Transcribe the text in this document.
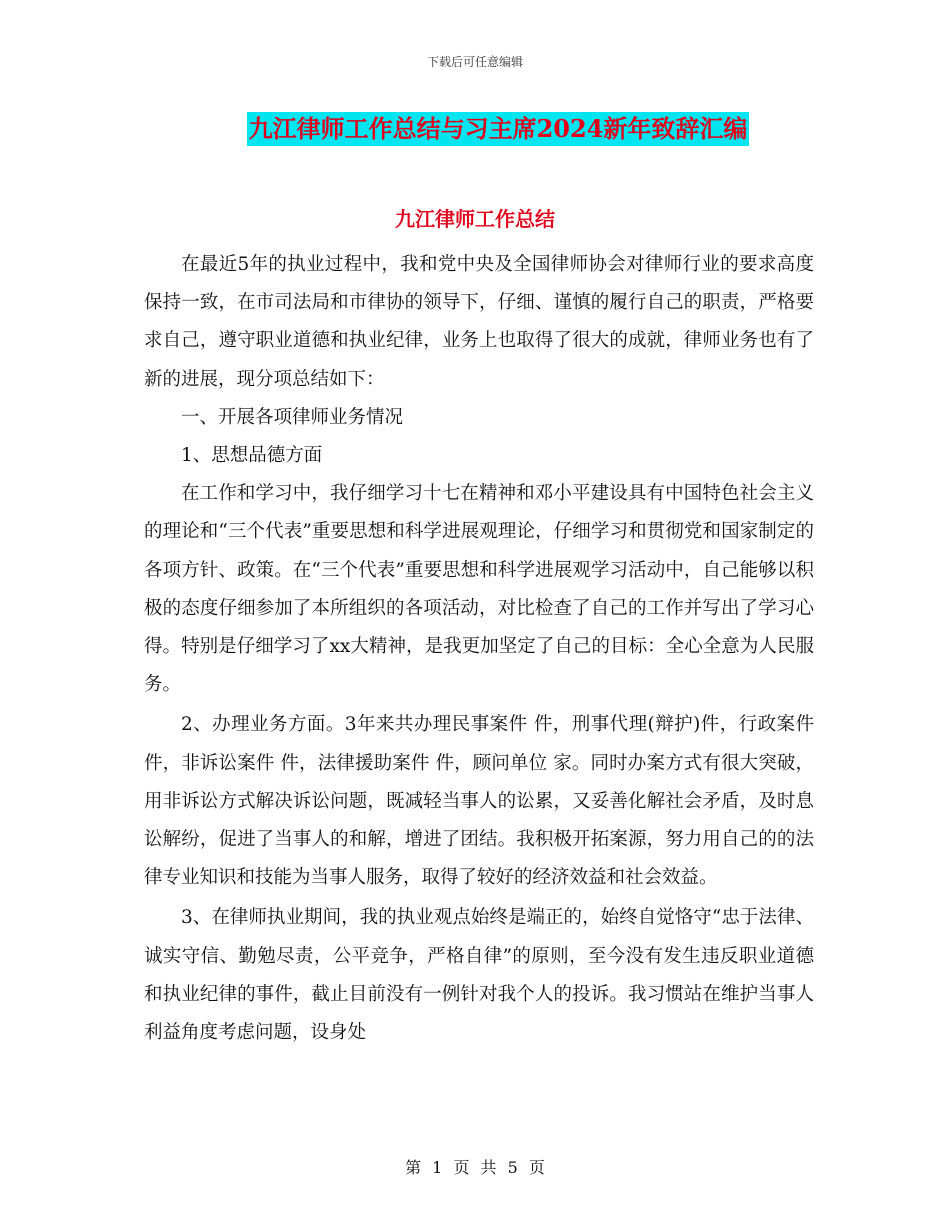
下载后可任意编辑
九江律师工作总结与习主席2024新年致辞汇编
九江律师工作总结

在最近5年的执业过程中，我和党中央及全国律师协会对律师行业的要求高度保持一致，在市司法局和市律协的领导下，仔细、谨慎的履行自己的职责，严格要求自己，遵守职业道德和执业纪律，业务上也取得了很大的成就，律师业务也有了新的进展，现分项总结如下：

一、开展各项律师业务情况

1、思想品德方面

在工作和学习中，我仔细学习十七在精神和邓小平建设具有中国特色社会主义的理论和“三个代表”重要思想和科学进展观理论，仔细学习和贯彻党和国家制定的各项方针、政策。在“三个代表”重要思想和科学进展观学习活动中，自己能够以积极的态度仔细参加了本所组织的各项活动，对比检查了自己的工作并写出了学习心得。特别是仔细学习了xx大精神，是我更加坚定了自己的目标：全心全意为人民服务。

2、办理业务方面。3年来共办理民事案件 件，刑事代理(辩护)件，行政案件 件，非诉讼案件 件，法律援助案件 件，顾问单位 家。同时办案方式有很大突破，用非诉讼方式解决诉讼问题，既减轻当事人的讼累，又妥善化解社会矛盾，及时息讼解纷，促进了当事人的和解，增进了团结。我积极开拓案源，努力用自己的的法律专业知识和技能为当事人服务，取得了较好的经济效益和社会效益。

3、在律师执业期间，我的执业观点始终是端正的，始终自觉恪守“忠于法律、诚实守信、勤勉尽责，公平竞争，严格自律”的原则，至今没有发生违反职业道德和执业纪律的事件，截止目前没有一例针对我个人的投诉。我习惯站在维护当事人利益角度考虑问题，设身处

第 1 页 共 5 页
